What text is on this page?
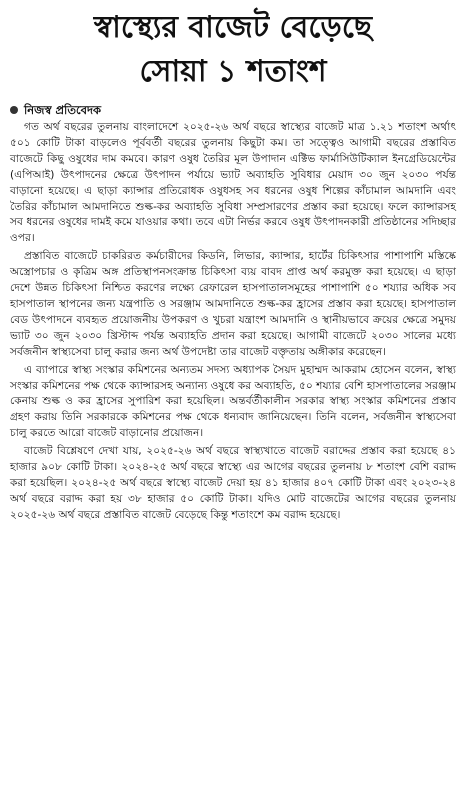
স্বাস্থ্যের বাজেট বেড়েছে
সোয়া ১ শতাংশ
নিজস্ব প্রতিবেদক

গত অর্থ বছরের তুলনায় বাংলাদেশে ২০২৫-২৬ অর্থ বছরে স্বাস্থ্যের বাজেট মাত্র ১.২১ শতাংশ অর্থাৎ ৫০১ কোটি টাকা বাড়লেও পূর্ববর্তী বছরের তুলনায় কিছুটা কম। তা সত্ত্বেও আগামী বছরের প্রস্তাবিত বাজেটে কিছু ওষুধের দাম কমবে। কারণ ওষুধ তৈরির মূল উপাদান এক্টিভ ফার্মাসিউটিক্যাল ইনগ্রেডিয়েন্টের (এপিআই) উৎপাদনের ক্ষেত্রে উৎপাদন পর্যায়ে ভ্যাট অব্যাহতি সুবিধার মেয়াদ ৩০ জুন ২০৩০ পর্যন্ত বাড়ানো হয়েছে। এ ছাড়া ক্যান্সার প্রতিরোধক ওষুধসহ সব ধরনের ওষুধ শিল্পের কাঁচামাল আমদানি এবং তৈরির কাঁচামাল আমদানিতে শুল্ক-কর অব্যাহতি সুবিধা সম্প্রসারণের প্রস্তাব করা হয়েছে। ফলে ক্যান্সারসহ সব ধরনের ওষুধের দামই কমে যাওয়ার কথা। তবে এটা নির্ভর করবে ওষুধ উৎপাদনকারী প্রতিষ্ঠানের সদিচ্ছার ওপর।

প্রস্তাবিত বাজেটে চাকরিরত কর্মচারীদের কিডনি, লিভার, ক্যান্সার, হার্টের চিকিৎসার পাশাপাশি মস্তিষ্কে অস্ত্রোপচার ও কৃত্রিম অঙ্গ প্রতিস্থাপনসংক্রান্ত চিকিৎসা ব্যয় বাবদ প্রাপ্ত অর্থ করমুক্ত করা হয়েছে। এ ছাড়া দেশে উন্নত চিকিৎসা নিশ্চিত করণের লক্ষ্যে রেফারেল হাসপাতালসমূহের পাশাপাশি ৫০ শয্যার অধিক সব হাসপাতাল স্থাপনের জন্য যন্ত্রপাতি ও সরঞ্জাম আমদানিতে শুল্ক-কর হ্রাসের প্রস্তাব করা হয়েছে। হাসপাতাল বেড উৎপাদনে ব্যবহৃত প্রয়োজনীয় উপকরণ ও খুচরা যন্ত্রাংশ আমদানি ও স্থানীয়ভাবে ক্রয়ের ক্ষেত্রে সমুদয় ভ্যাট ৩০ জুন ২০৩০ খ্রিস্টাব্দ পর্যন্ত অব্যাহতি প্রদান করা হয়েছে। আগামী বাজেটে ২০৩০ সালের মধ্যে সর্বজনীন স্বাস্থ্যসেবা চালু করার জন্য অর্থ উপদেষ্টা তার বাজেট বক্তৃতায় অঙ্গীকার করেছেন।

এ ব্যাপারে স্বাস্থ্য সংস্কার কমিশনের অন্যতম সদস্য অধ্যাপক সৈয়দ মুহাম্মদ আকরাম হোসেন বলেন, স্বাস্থ্য সংস্কার কমিশনের পক্ষ থেকে ক্যান্সারসহ অন্যান্য ওষুধে কর অব্যাহতি, ৫০ শয্যার বেশি হাসপাতালের সরঞ্জাম কেনায় শুল্ক ও কর হ্রাসের সুপারিশ করা হয়েছিল। অন্তর্বর্তীকালীন সরকার স্বাস্থ্য সংস্কার কমিশনের প্রস্তাব গ্রহণ করায় তিনি সরকারকে কমিশনের পক্ষ থেকে ধন্যবাদ জানিয়েছেন। তিনি বলেন, সর্বজনীন স্বাস্থ্যসেবা চালু করতে আরো বাজেট বাড়ানোর প্রয়োজন।

বাজেট বিশ্লেষণে দেখা যায়, ২০২৫-২৬ অর্থ বছরে স্বাস্থ্যখাতে বাজেট বরাদ্দের প্রস্তাব করা হয়েছে ৪১ হাজার ৯০৮ কোটি টাকা। ২০২৪-২৫ অর্থ বছরে স্বাস্থ্যে এর আগের বছরের তুলনায় ৮ শতাংশ বেশি বরাদ্দ করা হয়েছিল। ২০২৪-২৫ অর্থ বছরে স্বাস্থ্যে বাজেট দেয়া হয় ৪১ হাজার ৪০৭ কোটি টাকা এবং ২০২৩-২৪ অর্থ বছরে বরাদ্দ করা হয় ৩৮ হাজার ৫০ কোটি টাকা। যদিও মোট বাজেটের আগের বছরের তুলনায় ২০২৫-২৬ অর্থ বছরে প্রস্তাবিত বাজেট বেড়েছে কিন্তু শতাংশে কম বরাদ্দ হয়েছে।
